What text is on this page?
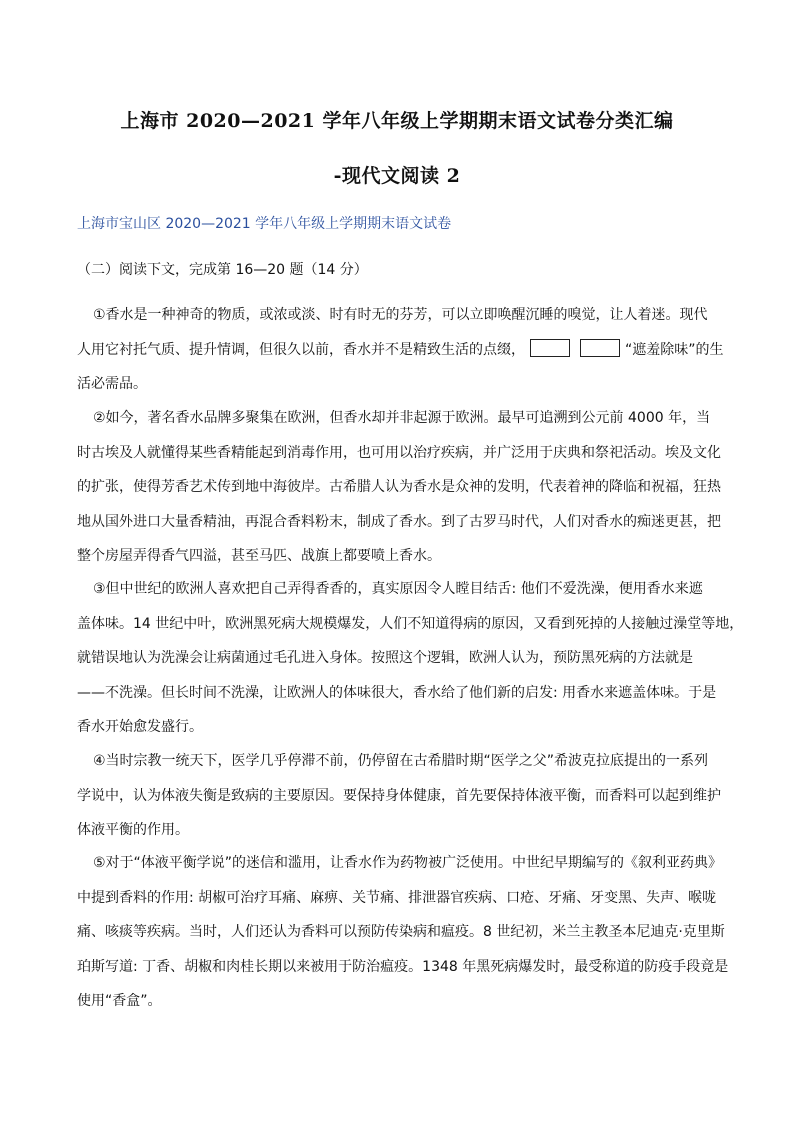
上海市 2020—2021 学年八年级上学期期末语文试卷分类汇编
-现代文阅读 2
上海市宝山区 2020—2021 学年八年级上学期期末语文试卷
（二）阅读下文，完成第 16—20 题（14 分）
①香水是一种神奇的物质，或浓或淡、时有时无的芬芳，可以立即唤醒沉睡的嗅觉，让人着迷。现代
人用它衬托气质、提升情调，但很久以前，香水并不是精致生活的点缀，	“遮羞除味”的生
活必需品。
②如今，著名香水品牌多聚集在欧洲，但香水却并非起源于欧洲。最早可追溯到公元前 4000 年，当
时古埃及人就懂得某些香精能起到消毒作用，也可用以治疗疾病，并广泛用于庆典和祭祀活动。埃及文化
的扩张，使得芳香艺术传到地中海彼岸。古希腊人认为香水是众神的发明，代表着神的降临和祝福，狂热
地从国外进口大量香精油，再混合香料粉末，制成了香水。到了古罗马时代，人们对香水的痴迷更甚，把
整个房屋弄得香气四溢，甚至马匹、战旗上都要喷上香水。
③但中世纪的欧洲人喜欢把自己弄得香香的，真实原因令人瞠目结舌: 他们不爱洗澡，便用香水来遮
盖体味。14 世纪中叶，欧洲黑死病大规模爆发，人们不知道得病的原因，又看到死掉的人接触过澡堂等地，
就错误地认为洗澡会让病菌通过毛孔进入身体。按照这个逻辑，欧洲人认为，预防黑死病的方法就是
——不洗澡。但长时间不洗澡，让欧洲人的体味很大，香水给了他们新的启发: 用香水来遮盖体味。于是
香水开始愈发盛行。
④当时宗教一统天下，医学几乎停滞不前，仍停留在古希腊时期“医学之父”希波克拉底提出的一系列
学说中，认为体液失衡是致病的主要原因。要保持身体健康，首先要保持体液平衡，而香料可以起到维护
体液平衡的作用。
⑤对于“体液平衡学说”的迷信和滥用，让香水作为药物被广泛使用。中世纪早期编写的《叙利亚药典》
中提到香料的作用: 胡椒可治疗耳痛、麻痹、关节痛、排泄器官疾病、口疮、牙痛、牙变黑、失声、喉咙
痛、咳痰等疾病。当时，人们还认为香料可以预防传染病和瘟疫。8 世纪初，米兰主教圣本尼迪克·克里斯
珀斯写道: 丁香、胡椒和肉桂长期以来被用于防治瘟疫。1348 年黑死病爆发时，最受称道的防疫手段竟是
使用“香盒”。
